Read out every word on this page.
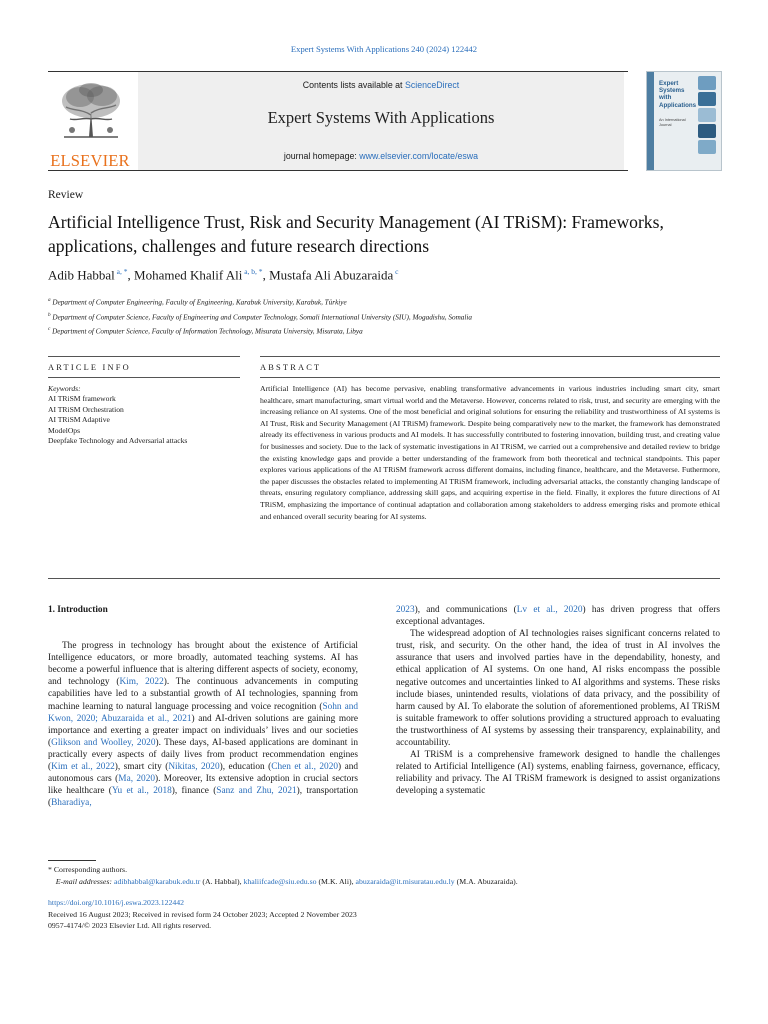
Expert Systems With Applications 240 (2024) 122442
ELSEVIER
Contents lists available at ScienceDirect
Expert Systems With Applications
journal homepage: www.elsevier.com/locate/eswa
Expert Systems with Applications
An International Journal
Review
Artificial Intelligence Trust, Risk and Security Management (AI TRiSM): Frameworks, applications, challenges and future research directions
Adib Habbal $^{a, *}$, Mohamed Khalif Ali $^{a, b, *}$, Mustafa Ali Abuzaraida $^c$
$^a$ Department of Computer Engineering, Faculty of Engineering, Karabuk University, Karabuk, Türkiye
$^b$ Department of Computer Science, Faculty of Engineering and Computer Technology, Somali International University (SIU), Mogadishu, Somalia
$^c$ Department of Computer Science, Faculty of Information Technology, Misurata University, Misurata, Libya
ARTICLE INFO	ABSTRACT
Keywords:
AI TRiSM framework
AI TRiSM Orchestration
AI TRiSM Adaptive
ModelOps
Deepfake Technology and Adversarial attacks
Artificial Intelligence (AI) has become pervasive, enabling transformative advancements in various industries including smart city, smart healthcare, smart manufacturing, smart virtual world and the Metaverse. However, concerns related to risk, trust, and security are emerging with the increasing reliance on AI systems. One of the most beneficial and original solutions for ensuring the reliability and trustworthiness of AI systems is AI Trust, Risk and Security Management (AI TRiSM) framework. Despite being comparatively new to the market, the framework has demonstrated already its effectiveness in various products and AI models. It has successfully contributed to fostering innovation, building trust, and creating value for businesses and society. Due to the lack of systematic investigations in AI TRiSM, we carried out a comprehensive and detailed review to bridge the existing knowledge gaps and provide a better understanding of the framework from both theoretical and technical standpoints. This paper explores various applications of the AI TRiSM framework across different domains, including finance, healthcare, and the Metaverse. Futhermore, the paper discusses the obstacles related to implementing AI TRiSM framework, including adversarial attacks, the constantly changing landscape of threats, ensuring regulatory compliance, addressing skill gaps, and acquiring expertise in the field. Finally, it explores the future directions of AI TRiSM, emphasizing the importance of continual adaptation and collaboration among stakeholders to address emerging risks and promote ethical and enhanced overall security bearing for AI systems.

1. Introduction

The progress in technology has brought about the existence of Artificial Intelligence educators, or more broadly, automated teaching systems. AI has become a powerful influence that is altering different aspects of society, economy, and technology (Kim, 2022). The continuous advancements in computing capabilities have led to a substantial growth of AI technologies, spanning from machine learning to natural language processing and voice recognition (Sohn and Kwon, 2020; Abuzaraida et al., 2021) and AI-driven solutions are gaining more importance and exerting a greater impact on individuals’ lives and our societies (Glikson and Woolley, 2020). These days, AI-based applications are dominant in practically every aspects of daily lives from product recommendation engines (Kim et al., 2022), smart city (Nikitas, 2020), education (Chen et al., 2020) and autonomous cars (Ma, 2020). Moreover, Its extensive adoption in crucial sectors like healthcare (Yu et al., 2018), finance (Sanz and Zhu, 2021), transportation (Bharadiya,

2023), and communications (Lv et al., 2020) has driven progress that offers exceptional advantages.

The widespread adoption of AI technologies raises significant concerns related to trust, risk, and security. On the other hand, the idea of trust in AI involves the assurance that users and involved parties have in the dependability, honesty, and ethical application of AI systems. On one hand, AI risks encompass the possible negative outcomes and uncertainties linked to AI algorithms and systems. These risks include biases, unintended results, violations of data privacy, and the possibility of harm caused by AI. To elaborate the solution of aforementioned problems, AI TRiSM is suitable framework to offer solutions providing a structured approach to evaluating the trustworthiness of AI systems by assessing their transparency, explainability, and accountability.

AI TRiSM is a comprehensive framework designed to handle the challenges related to Artificial Intelligence (AI) systems, enabling fairness, governance, efficacy, reliability and privacy. The AI TRiSM framework is designed to assist organizations developing a systematic

* Corresponding authors.
E-mail addresses: adibhabbal@karabuk.edu.tr (A. Habbal), khaliifcade@siu.edu.so (M.K. Ali), abuzaraida@it.misuratau.edu.ly (M.A. Abuzaraida).
https://doi.org/10.1016/j.eswa.2023.122442
Received 16 August 2023; Received in revised form 24 October 2023; Accepted 2 November 2023
0957-4174/© 2023 Elsevier Ltd. All rights reserved.
